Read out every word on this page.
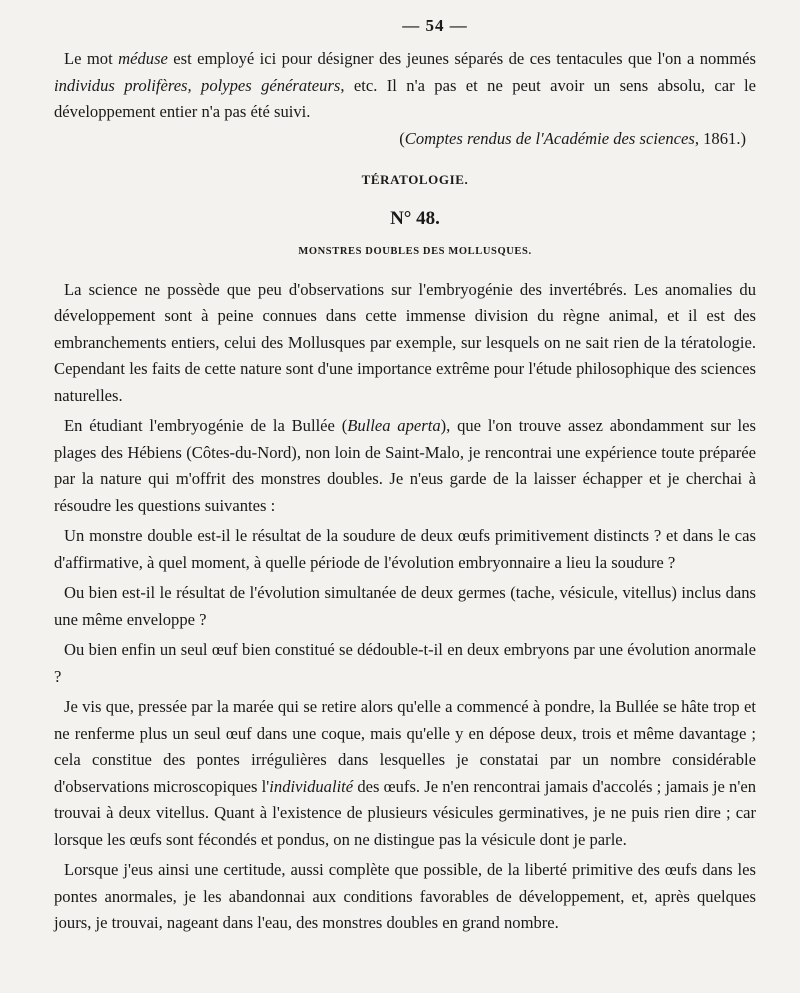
— 54 —

Le mot méduse est employé ici pour désigner des jeunes séparés de ces tentacules que l'on a nommés individus prolifères, polypes générateurs, etc. Il n'a pas et ne peut avoir un sens absolu, car le développement entier n'a pas été suivi.

(Comptes rendus de l'Académie des sciences, 1861.)
TÉRATOLOGIE.
N° 48.
MONSTRES DOUBLES DES MOLLUSQUES.

La science ne possède que peu d'observations sur l'embryogénie des invertébrés. Les anomalies du développement sont à peine connues dans cette immense division du règne animal, et il est des embranchements entiers, celui des Mollusques par exemple, sur lesquels on ne sait rien de la tératologie. Cependant les faits de cette nature sont d'une importance extrême pour l'étude philosophique des sciences naturelles.

En étudiant l'embryogénie de la Bullée (Bullea aperta), que l'on trouve assez abondamment sur les plages des Hébiens (Côtes-du-Nord), non loin de Saint-Malo, je rencontrai une expérience toute préparée par la nature qui m'offrit des monstres doubles. Je n'eus garde de la laisser échapper et je cherchai à résoudre les questions suivantes :

Un monstre double est-il le résultat de la soudure de deux œufs primitivement distincts ? et dans le cas d'affirmative, à quel moment, à quelle période de l'évolution embryonnaire a lieu la soudure ?

Ou bien est-il le résultat de l'évolution simultanée de deux germes (tache, vésicule, vitellus) inclus dans une même enveloppe ?

Ou bien enfin un seul œuf bien constitué se dédouble-t-il en deux embryons par une évolution anormale ?

Je vis que, pressée par la marée qui se retire alors qu'elle a commencé à pondre, la Bullée se hâte trop et ne renferme plus un seul œuf dans une coque, mais qu'elle y en dépose deux, trois et même davantage ; cela constitue des pontes irrégulières dans lesquelles je constatai par un nombre considérable d'observations microscopiques l'individualité des œufs. Je n'en rencontrai jamais d'accolés ; jamais je n'en trouvai à deux vitellus. Quant à l'existence de plusieurs vésicules germinatives, je ne puis rien dire ; car lorsque les œufs sont fécondés et pondus, on ne distingue pas la vésicule dont je parle.

Lorsque j'eus ainsi une certitude, aussi complète que possible, de la liberté primitive des œufs dans les pontes anormales, je les abandonnai aux conditions favorables de développement, et, après quelques jours, je trouvai, nageant dans l'eau, des monstres doubles en grand nombre.
